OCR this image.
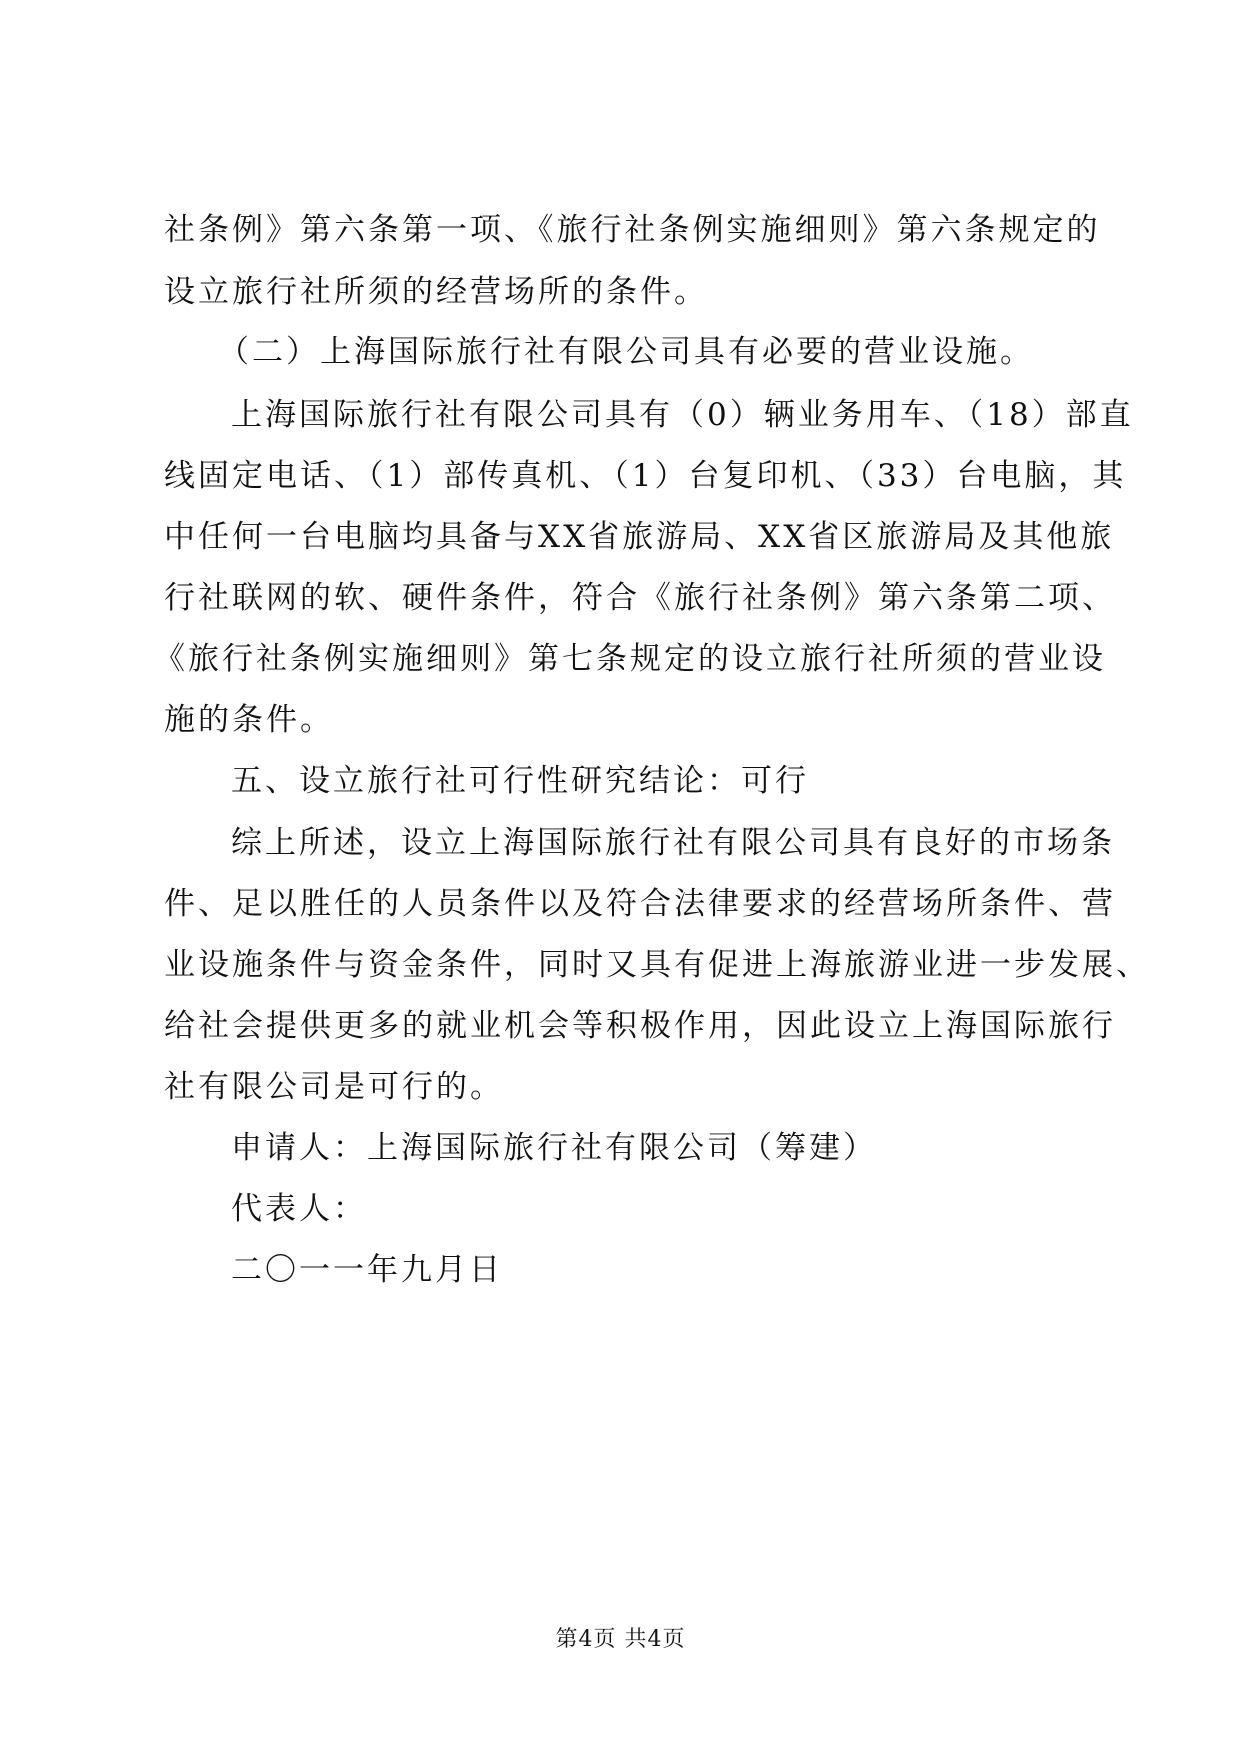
社条例》第六条第一项、《旅行社条例实施细则》第六条规定的
设立旅行社所须的经营场所的条件。
（二）上海国际旅行社有限公司具有必要的营业设施。
上海国际旅行社有限公司具有（0）辆业务用车、（18）部直
线固定电话、（1）部传真机、（1）台复印机、（33）台电脑，其
中任何一台电脑均具备与XX省旅游局、XX省区旅游局及其他旅
行社联网的软、硬件条件，符合《旅行社条例》第六条第二项、
《旅行社条例实施细则》第七条规定的设立旅行社所须的营业设
施的条件。
五、设立旅行社可行性研究结论：可行
综上所述，设立上海国际旅行社有限公司具有良好的市场条
件、足以胜任的人员条件以及符合法律要求的经营场所条件、营
业设施条件与资金条件，同时又具有促进上海旅游业进一步发展、
给社会提供更多的就业机会等积极作用，因此设立上海国际旅行
社有限公司是可行的。
申请人：上海国际旅行社有限公司（筹建）
代表人：
二〇一一年九月日
第4页 共4页
